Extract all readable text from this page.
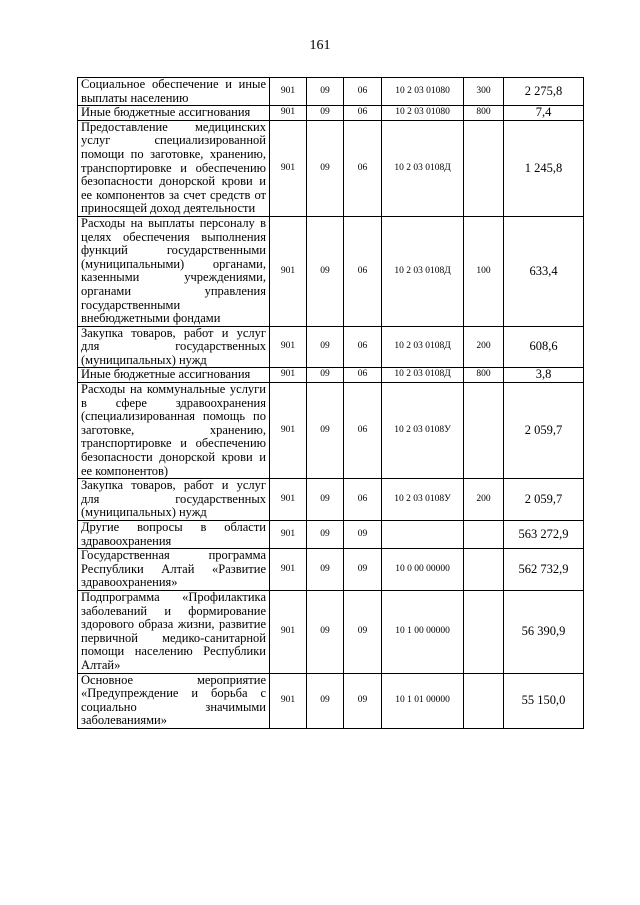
161
Социальное обеспечение и иные выплаты населению	901	09	06	10 2 03 01080	300	2 275,8
Иные бюджетные ассигнования	901	09	06	10 2 03 01080	800	7,4
Предоставление медицинских услуг специализированной помощи по заготовке, хранению, транспортировке и обеспечению безопасности донорской крови и ее компонентов за счет средств от приносящей доход деятельности	901	09	06	10 2 03 0108Д		1 245,8
Расходы на выплаты персоналу в целях обеспечения выполнения функций государственными (муниципальными) органами, казенными учреждениями, органами управления государственными внебюджетными фондами	901	09	06	10 2 03 0108Д	100	633,4
Закупка товаров, работ и услуг для государственных (муниципальных) нужд	901	09	06	10 2 03 0108Д	200	608,6
Иные бюджетные ассигнования	901	09	06	10 2 03 0108Д	800	3,8
Расходы на коммунальные услуги в сфере здравоохранения (специализированная помощь по заготовке, хранению, транспортировке и обеспечению безопасности донорской крови и ее компонентов)	901	09	06	10 2 03 0108У		2 059,7
Закупка товаров, работ и услуг для государственных (муниципальных) нужд	901	09	06	10 2 03 0108У	200	2 059,7
Другие вопросы в области здравоохранения	901	09	09			563 272,9
Государственная программа Республики Алтай «Развитие здравоохранения»	901	09	09	10 0 00 00000		562 732,9
Подпрограмма «Профилактика заболеваний и формирование здорового образа жизни, развитие первичной медико-санитарной помощи населению Республики Алтай»	901	09	09	10 1 00 00000		56 390,9
Основное мероприятие «Предупреждение и борьба с социально значимыми заболеваниями»	901	09	09	10 1 01 00000		55 150,0
